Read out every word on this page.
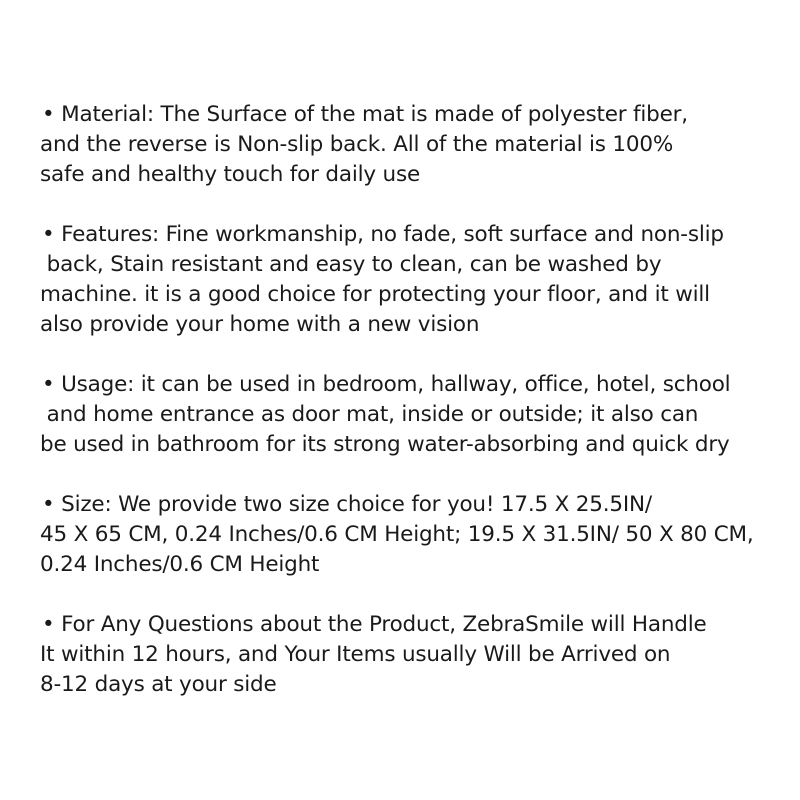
• Material: The Surface of the mat is made of polyester fiber,
and the reverse is Non-slip back. All of the material is 100%
safe and healthy touch for daily use
• Features: Fine workmanship, no fade, soft surface and non-slip
back, Stain resistant and easy to clean, can be washed by
machine. it is a good choice for protecting your floor, and it will
also provide your home with a new vision
• Usage: it can be used in bedroom, hallway, office, hotel, school
and home entrance as door mat, inside or outside; it also can
be used in bathroom for its strong water-absorbing and quick dry
• Size: We provide two size choice for you! 17.5 X 25.5IN/
45 X 65 CM, 0.24 Inches/0.6 CM Height; 19.5 X 31.5IN/ 50 X 80 CM,
0.24 Inches/0.6 CM Height
• For Any Questions about the Product, ZebraSmile will Handle
It within 12 hours, and Your Items usually Will be Arrived on
8-12 days at your side
